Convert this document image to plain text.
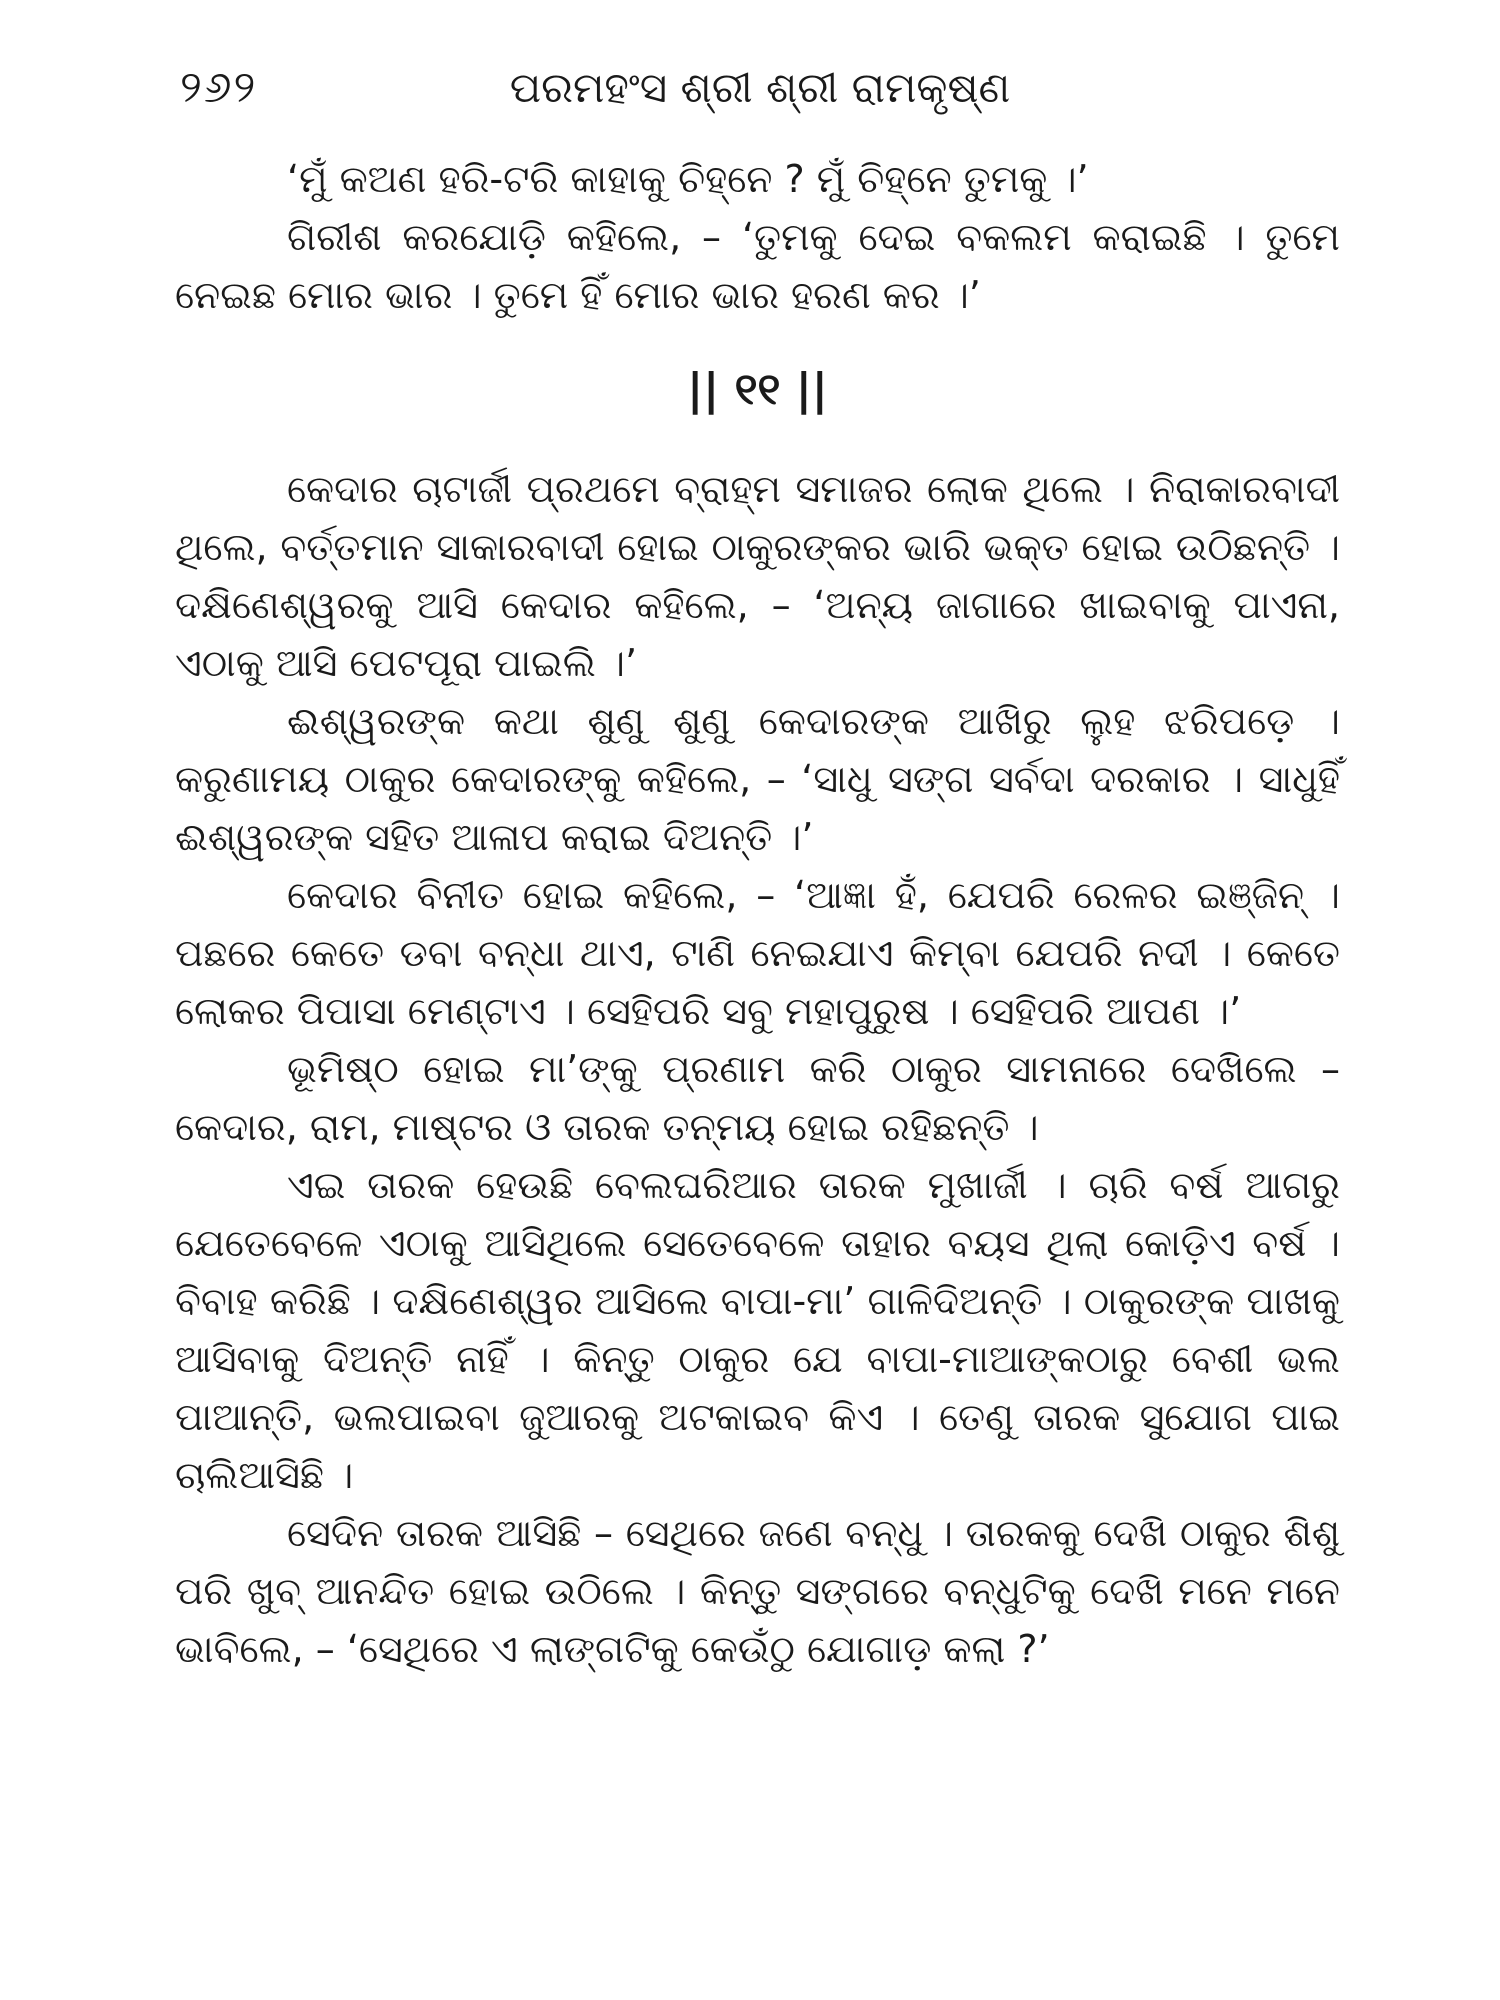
୨୬୨	ପରମହଂସ ଶ୍ରୀ ଶ୍ରୀ ରାମକୃଷ୍ଣ

‘ମୁଁ କଅଣ ହରି-ଟରି କାହାକୁ ଚିହ୍ନେ ? ମୁଁ ଚିହ୍ନେ ତୁମକୁ ।’

ଗିରୀଶ କରଯୋଡ଼ି କହିଲେ, – ‘ତୁମକୁ ଦେଇ ବକଲମ କରାଇଛି । ତୁମେ ନେଇଛ ମୋର ଭାର । ତୁମେ ହିଁ ମୋର ଭାର ହରଣ କର ।’

|| ୧୧ ||

କେଦାର ଚାଟାର୍ଜୀ ପ୍ରଥମେ ବ୍ରାହ୍ମ ସମାଜର ଲୋକ ଥିଲେ । ନିରାକାରବାଦୀ ଥିଲେ, ବର୍ତ୍ତମାନ ସାକାରବାଦୀ ହୋଇ ଠାକୁରଙ୍କର ଭାରି ଭକ୍ତ ହୋଇ ଉଠିଛନ୍ତି । ଦକ୍ଷିଣେଶ୍ୱରକୁ ଆସି କେଦାର କହିଲେ, – ‘ଅନ୍ୟ ଜାଗାରେ ଖାଇବାକୁ ପାଏନା, ଏଠାକୁ ଆସି ପେଟପୂରା ପାଇଲି ।’

ଈଶ୍ୱରଙ୍କ କଥା ଶୁଣୁ ଶୁଣୁ କେଦାରଙ୍କ ଆଖିରୁ ଲୁହ ଝରିପଡ଼େ । କରୁଣାମୟ ଠାକୁର କେଦାରଙ୍କୁ କହିଲେ, – ‘ସାଧୁ ସଙ୍ଗ ସର୍ବଦା ଦରକାର । ସାଧୁହିଁ ଈଶ୍ୱରଙ୍କ ସହିତ ଆଳାପ କରାଇ ଦିଅନ୍ତି ।’

କେଦାର ବିନୀତ ହୋଇ କହିଲେ, – ‘ଆଜ୍ଞା ହଁ, ଯେପରି ରେଳର ଇଞ୍ଜିନ୍ । ପଛରେ କେତେ ଡବା ବନ୍ଧା ଥାଏ, ଟାଣି ନେଇଯାଏ କିମ୍ବା ଯେପରି ନଦୀ । କେତେ ଲୋକର ପିପାସା ମେଣ୍ଟାଏ । ସେହିପରି ସବୁ ମହାପୁରୁଷ । ସେହିପରି ଆପଣ ।’

ଭୂମିଷ୍ଠ ହୋଇ ମା’ଙ୍କୁ ପ୍ରଣାମ କରି ଠାକୁର ସାମନାରେ ଦେଖିଲେ – କେଦାର, ରାମ, ମାଷ୍ଟର ଓ ତାରକ ତନ୍ମୟ ହୋଇ ରହିଛନ୍ତି ।

ଏଇ ତାରକ ହେଉଛି ବେଲଘରିଆର ତାରକ ମୁଖାର୍ଜୀ । ଚାରି ବର୍ଷ ଆଗରୁ ଯେତେବେଳେ ଏଠାକୁ ଆସିଥିଲେ ସେତେବେଳେ ତାହାର ବୟସ ଥିଲା କୋଡ଼ିଏ ବର୍ଷ । ବିବାହ କରିଛି । ଦକ୍ଷିଣେଶ୍ୱର ଆସିଲେ ବାପା-ମା’ ଗାଳିଦିଅନ୍ତି । ଠାକୁରଙ୍କ ପାଖକୁ ଆସିବାକୁ ଦିଅନ୍ତି ନାହିଁ । କିନ୍ତୁ ଠାକୁର ଯେ ବାପା-ମାଆଙ୍କଠାରୁ ବେଶୀ ଭଲ ପାଆନ୍ତି, ଭଲପାଇବା ଜୁଆରକୁ ଅଟକାଇବ କିଏ । ତେଣୁ ତାରକ ସୁଯୋଗ ପାଇ ଚାଲିଆସିଛି ।

ସେଦିନ ତାରକ ଆସିଛି – ସେଥିରେ ଜଣେ ବନ୍ଧୁ । ତାରକକୁ ଦେଖି ଠାକୁର ଶିଶୁ ପରି ଖୁବ୍ ଆନନ୍ଦିତ ହୋଇ ଉଠିଲେ । କିନ୍ତୁ ସଙ୍ଗରେ ବନ୍ଧୁଟିକୁ ଦେଖି ମନେ ମନେ ଭାବିଲେ, – ‘ସେଥିରେ ଏ ଲାଙ୍ଗଟିକୁ କେଉଁଠୁ ଯୋଗାଡ଼ କଲା ?’
